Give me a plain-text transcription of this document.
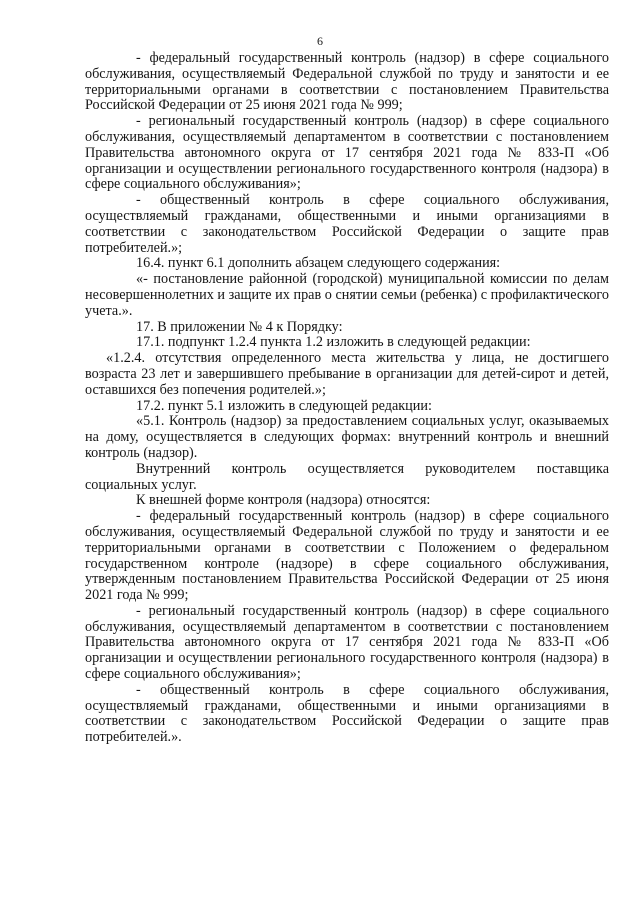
6

- федеральный государственный контроль (надзор) в сфере социального обслуживания, осуществляемый Федеральной службой по труду и занятости и ее территориальными органами в соответствии с постановлением Правительства Российской Федерации от 25 июня 2021 года № 999;

- региональный государственный контроль (надзор) в сфере социального обслуживания, осуществляемый департаментом в соответствии с постановлением Правительства автономного округа от 17 сентября 2021 года № 833-П «Об организации и осуществлении регионального государственного контроля (надзора) в сфере социального обслуживания»;

- общественный контроль в сфере социального обслуживания, осуществляемый гражданами, общественными и иными организациями в соответствии с законодательством Российской Федерации о защите прав потребителей.»;

16.4. пункт 6.1 дополнить абзацем следующего содержания:

«- постановление районной (городской) муниципальной комиссии по делам несовершеннолетних и защите их прав о снятии семьи (ребенка) с профилактического учета.».

17. В приложении № 4 к Порядку:

17.1. подпункт 1.2.4 пункта 1.2 изложить в следующей редакции:

«1.2.4. отсутствия определенного места жительства у лица, не достигшего возраста 23 лет и завершившего пребывание в организации для детей-сирот и детей, оставшихся без попечения родителей.»;

17.2. пункт 5.1 изложить в следующей редакции:

«5.1. Контроль (надзор) за предоставлением социальных услуг, оказываемых на дому, осуществляется в следующих формах: внутренний контроль и внешний контроль (надзор).

Внутренний контроль осуществляется руководителем поставщика социальных услуг.

К внешней форме контроля (надзора) относятся:

- федеральный государственный контроль (надзор) в сфере социального обслуживания, осуществляемый Федеральной службой по труду и занятости и ее территориальными органами в соответствии с Положением о федеральном государственном контроле (надзоре) в сфере социального обслуживания, утвержденным постановлением Правительства Российской Федерации от 25 июня 2021 года № 999;

- региональный государственный контроль (надзор) в сфере социального обслуживания, осуществляемый департаментом в соответствии с постановлением Правительства автономного округа от 17 сентября 2021 года № 833-П «Об организации и осуществлении регионального государственного контроля (надзора) в сфере социального обслуживания»;

- общественный контроль в сфере социального обслуживания, осуществляемый гражданами, общественными и иными организациями в соответствии с законодательством Российской Федерации о защите прав потребителей.».
